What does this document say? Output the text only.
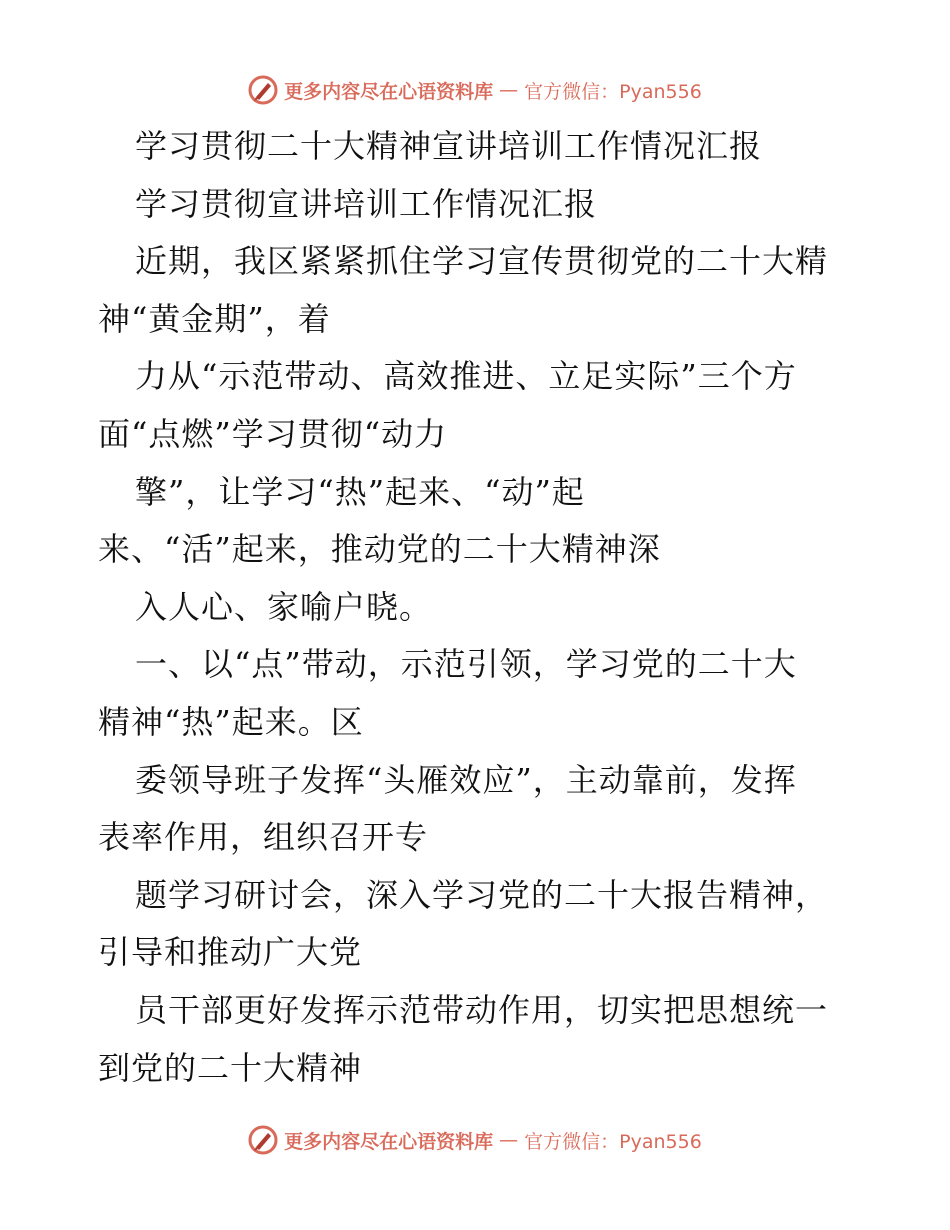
更多内容尽在心语资料库 — 官方微信：Pyan556
学习贯彻二十大精神宣讲培训工作情况汇报
学习贯彻宣讲培训工作情况汇报
近期，我区紧紧抓住学习宣传贯彻党的二十大精
神“黄金期”，着
力从“示范带动、高效推进、立足实际”三个方
面“点燃”学习贯彻“动力
擎”，让学习“热”起来、“动”起
来、“活”起来，推动党的二十大精神深
入人心、家喻户晓。
一、以“点”带动，示范引领，学习党的二十大
精神“热”起来。区
委领导班子发挥“头雁效应”，主动靠前，发挥
表率作用，组织召开专
题学习研讨会，深入学习党的二十大报告精神，
引导和推动广大党
员干部更好发挥示范带动作用，切实把思想统一
到党的二十大精神
更多内容尽在心语资料库 — 官方微信：Pyan556
